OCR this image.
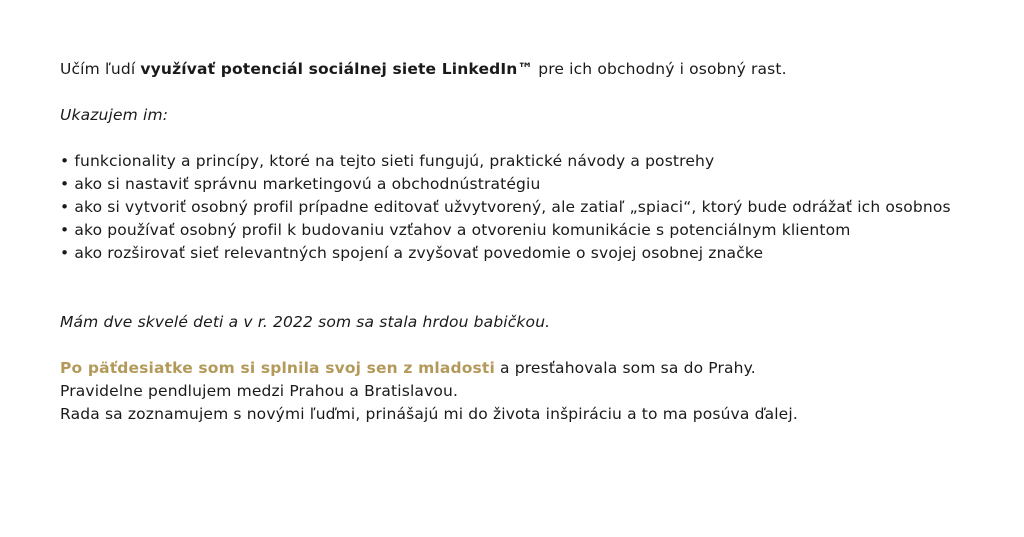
Učím ľudí využívať potenciál sociálnej siete LinkedIn™ pre ich obchodný i osobný rast.
Ukazujem im:
• funkcionality a princípy, ktoré na tejto sieti fungujú, praktické návody a postrehy
• ako si nastaviť správnu marketingovú a obchodnústratégiu
• ako si vytvoriť osobný profil prípadne editovať užvytvorený, ale zatiaľ „spiaci“, ktorý bude odrážať ich osobnos
• ako používať osobný profil k budovaniu vzťahov a otvoreniu komunikácie s potenciálnym klientom
• ako rozširovať sieť relevantných spojení a zvyšovať povedomie o svojej osobnej značke
Mám dve skvelé deti a v r. 2022 som sa stala hrdou babičkou.
Po päťdesiatke som si splnila svoj sen z mladosti a presťahovala som sa do Prahy.
Pravidelne pendlujem medzi Prahou a Bratislavou.
Rada sa zoznamujem s novými ľuďmi, prinášajú mi do života inšpiráciu a to ma posúva ďalej.
